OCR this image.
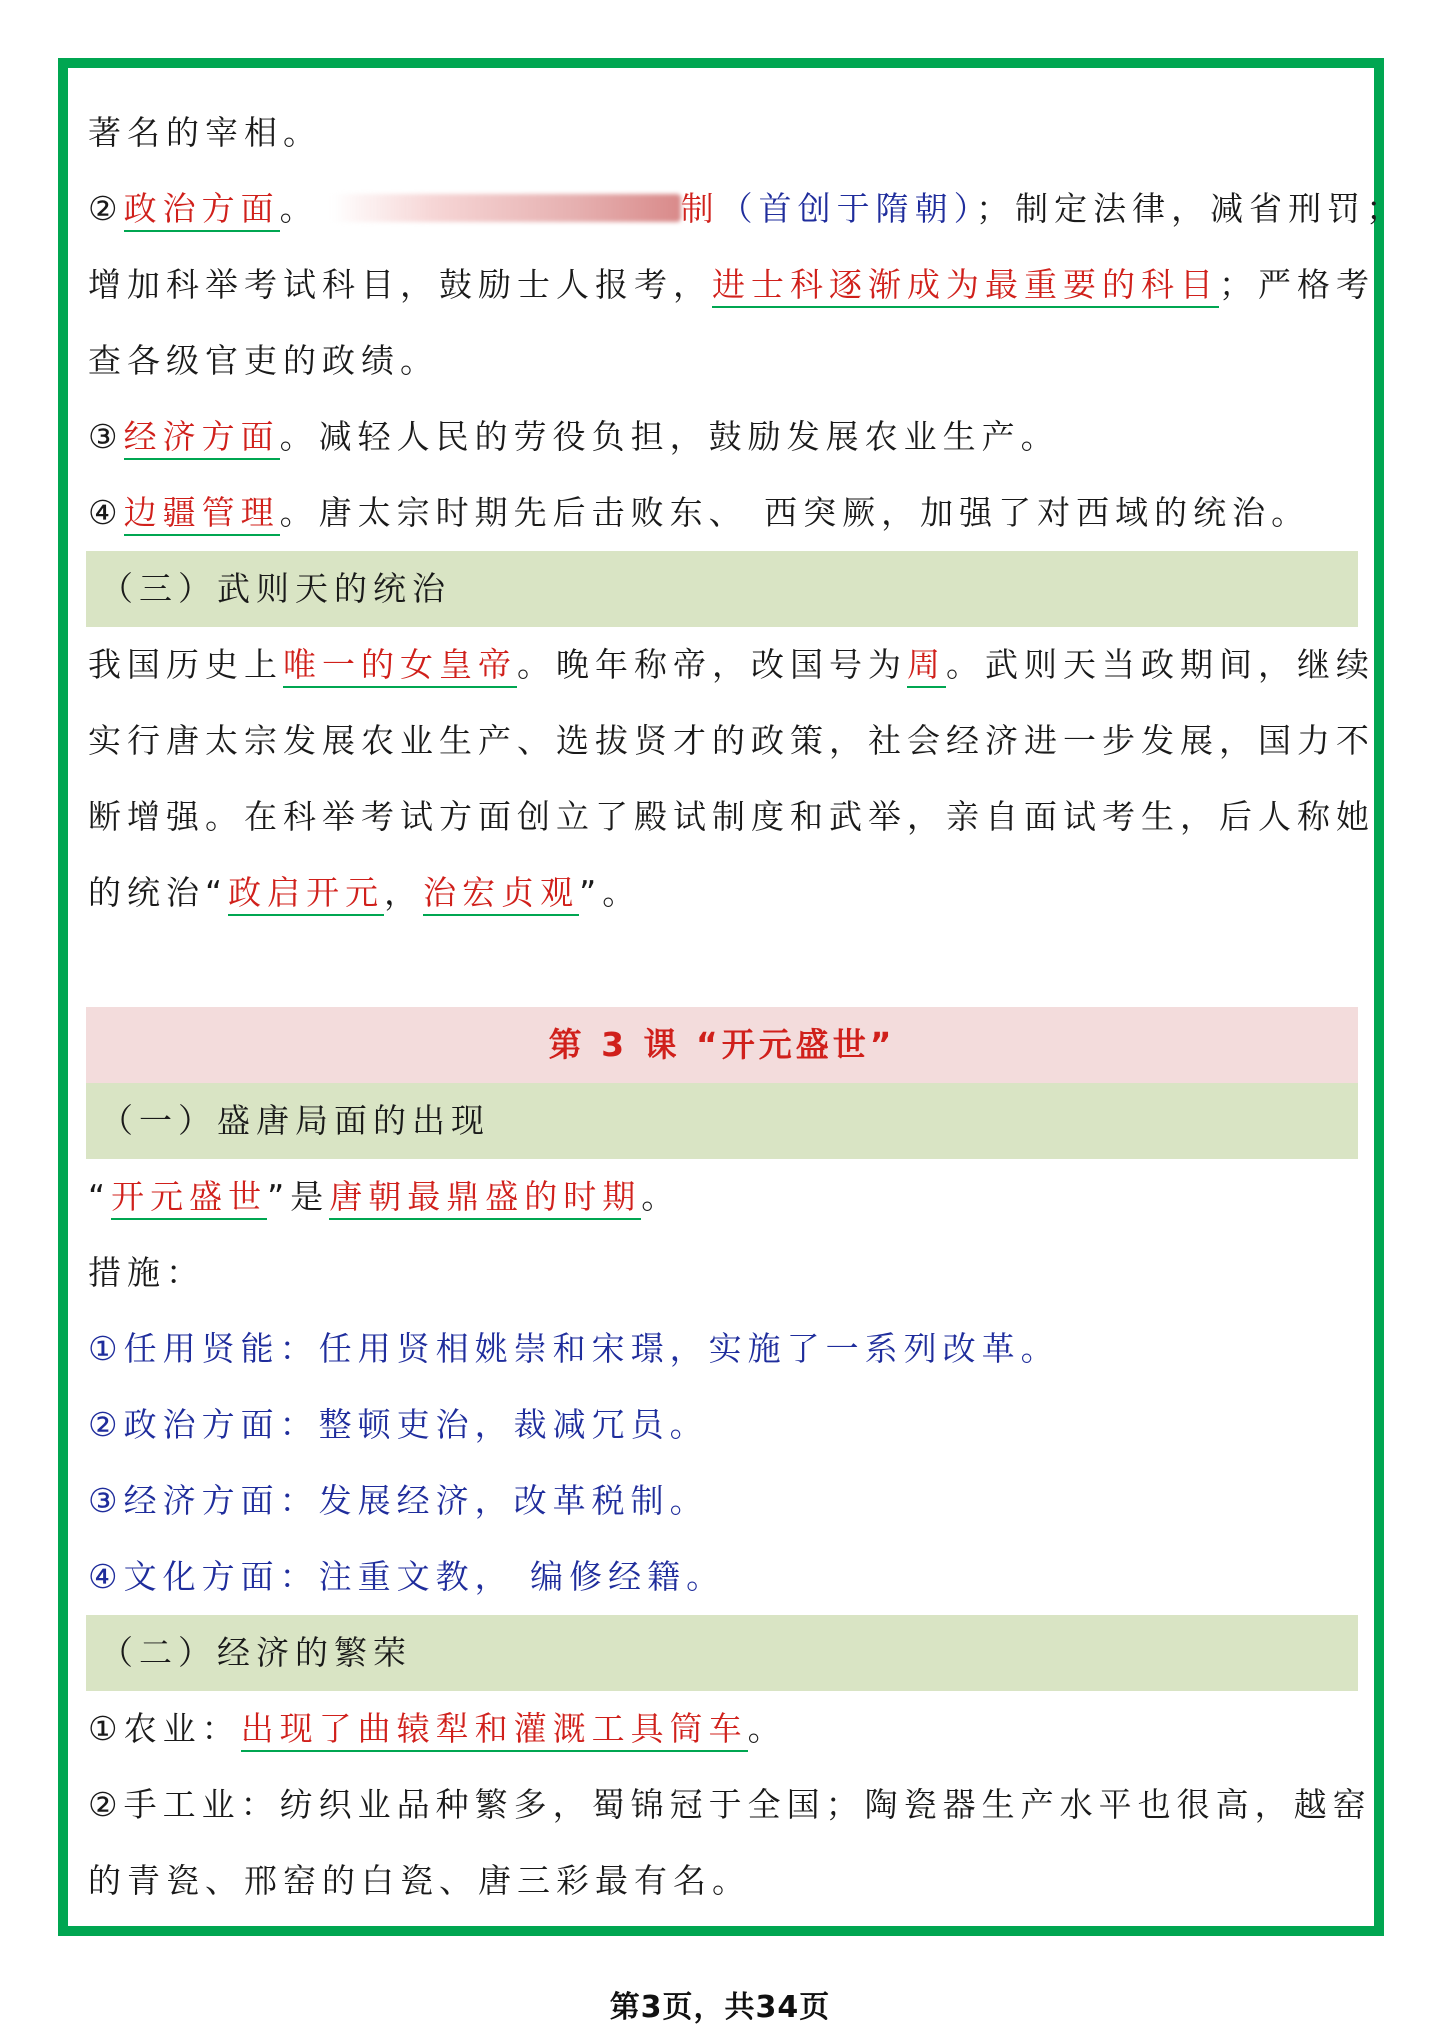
著名的宰相。
②政治方面。	制（首创于隋朝）；制定法律，减省刑罚；
增加科举考试科目，鼓励士人报考，进士科逐渐成为最重要的科目；严格考
查各级官吏的政绩。
③经济方面。减轻人民的劳役负担，鼓励发展农业生产。
④边疆管理。唐太宗时期先后击败东、 西突厥，加强了对西域的统治。
（三）武则天的统治
我国历史上唯一的女皇帝。晚年称帝，改国号为周。武则天当政期间，继续
实行唐太宗发展农业生产、选拔贤才的政策，社会经济进一步发展，国力不
断增强。在科举考试方面创立了殿试制度和武举，亲自面试考生，后人称她
的统治“政启开元，治宏贞观”。
第 3 课 “开元盛世”
（一）盛唐局面的出现
“开元盛世”是唐朝最鼎盛的时期。
措施：
①任用贤能：任用贤相姚崇和宋璟，实施了一系列改革。
②政治方面：整顿吏治，裁减冗员。
③经济方面：发展经济，改革税制。
④文化方面：注重文教， 编修经籍。
（二）经济的繁荣
①农业：出现了曲辕犁和灌溉工具筒车。
②手工业：纺织业品种繁多，蜀锦冠于全国；陶瓷器生产水平也很高，越窑
的青瓷、邢窑的白瓷、唐三彩最有名。
第3页，共34页
